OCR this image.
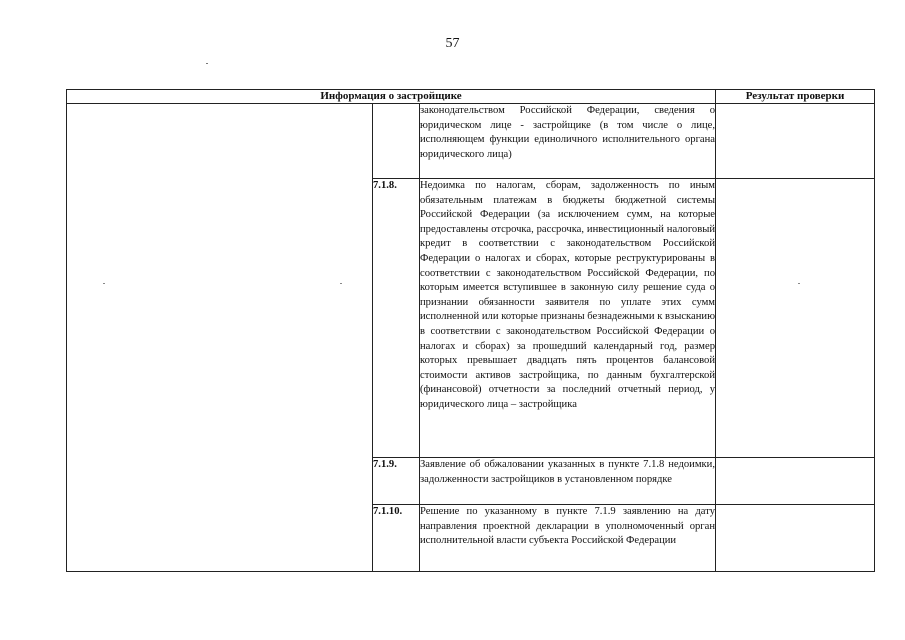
57
Информация о застройщике			Результат проверки
		законодательством Российской Федерации, сведения о юридическом лице - застройщике (в том числе о лице, исполняющем функции единоличного исполнительного органа юридического лица)	
	7.1.8.	Недоимка по налогам, сборам, задолженность по иным обязательным платежам в бюджеты бюджетной системы Российской Федерации (за исключением сумм, на которые предоставлены отсрочка, рассрочка, инвестиционный налоговый кредит в соответствии с законодательством Российской Федерации о налогах и сборах, которые реструктурированы в соответствии с законодательством Российской Федерации, по которым имеется вступившее в законную силу решение суда о признании обязанности заявителя по уплате этих сумм исполненной или которые признаны безнадежными к взысканию в соответствии с законодательством Российской Федерации о налогах и сборах) за прошедший календарный год, размер которых превышает двадцать пять процентов балансовой стоимости активов застройщика, по данным бухгалтерской (финансовой) отчетности за последний отчетный период, у юридического лица – застройщика	
	7.1.9.	Заявление об обжаловании указанных в пункте 7.1.8 недоимки, задолженности застройщиков в установленном порядке	
	7.1.10.	Решение по указанному в пункте 7.1.9 заявлению на дату направления проектной декларации в уполномоченный орган исполнительной власти субъекта Российской Федерации	
